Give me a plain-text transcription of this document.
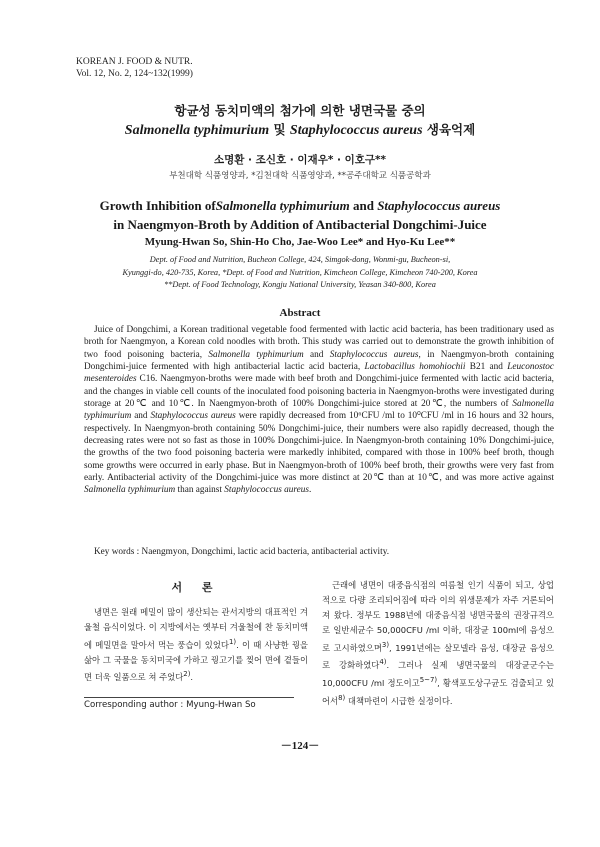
KOREAN J. FOOD & NUTR.
Vol. 12, No. 2, 124~132(1999)
항균성 동치미액의 첨가에 의한 냉면국물 중의
Salmonella typhimurium 및 Staphylococcus aureus 생육억제
소명환 · 조신호 · 이재우* · 이호구**
부천대학 식품영양과, *김천대학 식품영양과, **공주대학교 식품공학과
Growth Inhibition ofSalmonella typhimurium and Staphylococcus aureus
in Naengmyon-Broth by Addition of Antibacterial Dongchimi-Juice
Myung-Hwan So, Shin-Ho Cho, Jae-Woo Lee* and Hyo-Ku Lee**
Dept. of Food and Nutrition, Bucheon College, 424, Simgok-dong, Wonmi-gu, Bucheon-si,
Kyunggi-do, 420-735, Korea, *Dept. of Food and Nutrition, Kimcheon College, Kimcheon 740-200, Korea
**Dept. of Food Technology, Kongju National University, Yeasan 340-800, Korea
Abstract
Juice of Dongchimi, a Korean traditional vegetable food fermented with lactic acid bacteria, has been traditionary used as broth for Naengmyon, a Korean cold noodles with broth. This study was carried out to demonstrate the growth inhibition of two food poisoning bacteria, Salmonella typhimurium and Staphylococcus aureus, in Naengmyon-broth containing Dongchimi-juice fermented with high antibacterial lactic acid bacteria, Lactobacillus homohiochii B21 and Leuconostoc mesenteroides C16. Naengmyon-broths were made with beef broth and Dongchimi-juice fermented with lactic acid bacteria, and the changes in viable cell counts of the inoculated food poisoning bacteria in Naengmyon-broths were investigated during storage at 20℃ and 10℃. In Naengmyon-broth of 100% Dongchimi-juice stored at 20℃, the numbers of Salmonella typhimurium and Staphylococcus aureus were rapidly decreased from 10⁶CFU /ml to 10⁰CFU /ml in 16 hours and 32 hours, respectively. In Naengmyon-broth containing 50% Dongchimi-juice, their numbers were also rapidly decreased, though the decreasing rates were not so fast as those in 100% Dongchimi-juice. In Naengmyon-broth containing 10% Dongchimi-juice, the growths of the two food poisoning bacteria were markedly inhibited, compared with those in 100% beef broth, though some growths were occurred in early phase. But in Naengmyon-broth of 100% beef broth, their growths were very fast from early. Antibacterial activity of the Dongchimi-juice was more distinct at 20℃ than at 10℃, and was more active against Salmonella typhimurium than against Staphylococcus aureus.
Key words : Naengmyon, Dongchimi, lactic acid bacteria, antibacterial activity.
서 론
냉면은 원래 메밀이 많이 생산되는 관서지방의 대표적인 겨울철 음식이었다. 이 지방에서는 옛부터 겨울철에 찬 동치미액에 메밀면을 말아서 먹는 풍습이 있었다$^{1)}$. 이 때 사냥한 꿩을 삶아 그 국물을 동치미국에 가하고 꿩고기를 찢어 면에 곁들이면 더욱 일품으로 쳐 주었다$^{2)}$.
근래에 냉면이 대중음식점의 여름철 인기 식품이 되고, 상업적으로 다량 조리되어짐에 따라 이의 위생문제가 자주 거론되어져 왔다. 정부도 1988년에 대중음식점 냉면국물의 권장규격으로 일반세균수 50,000CFU /ml 이하, 대장균 100ml에 음성으로 고시하였으며$^{3)}$, 1991년에는 살모넬라 음성, 대장균 음성으로 강화하였다$^{4)}$. 그러나 실제 냉면국물의 대장균군수는 10,000CFU /ml 정도이고$^{5\sim 7)}$, 황색포도상구균도 검출되고 있어서$^{8)}$ 대책마련이 시급한 실정이다.
Corresponding author : Myung-Hwan So
－124－
